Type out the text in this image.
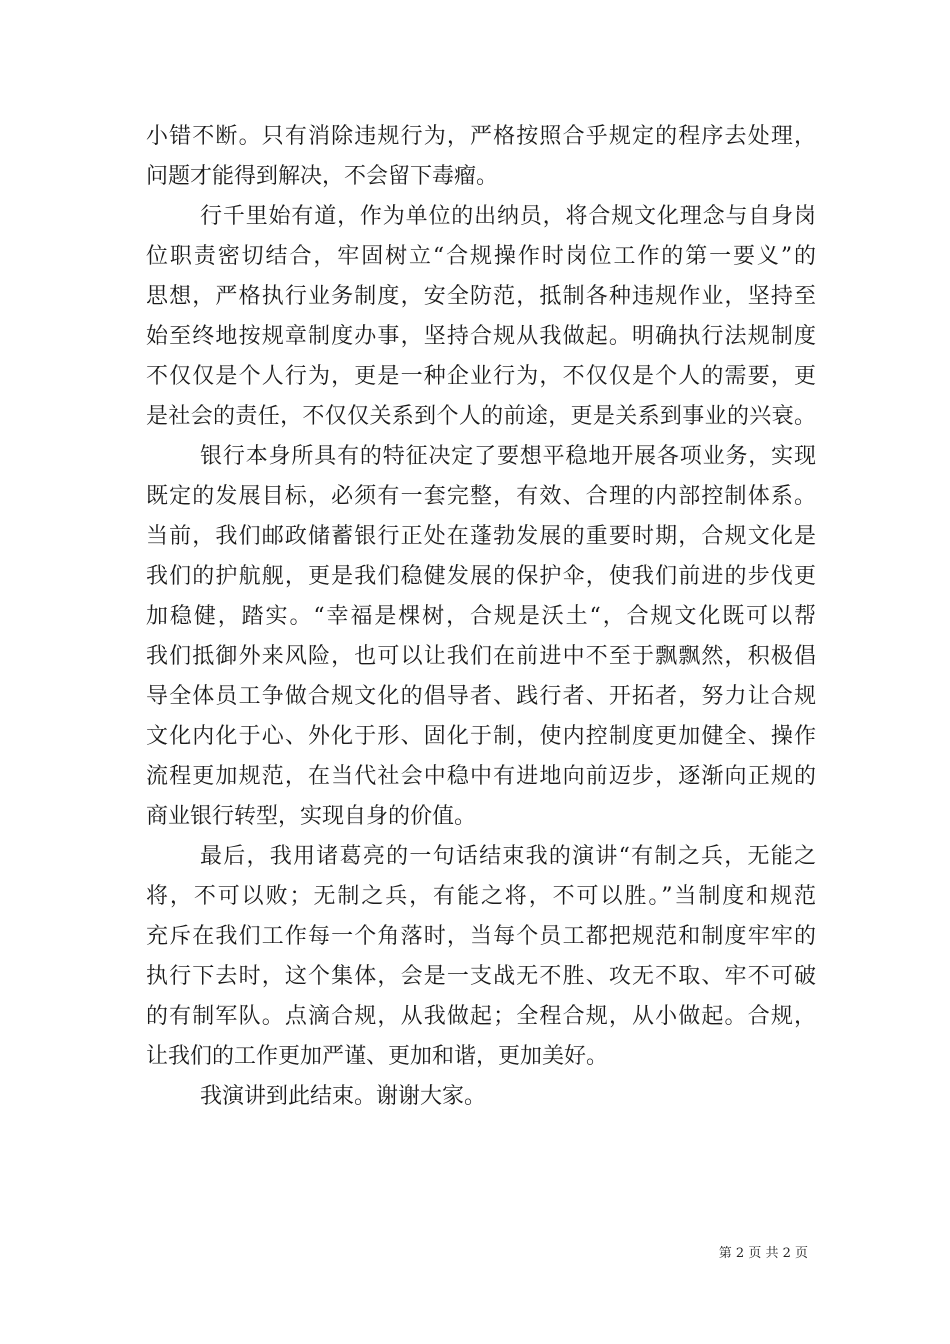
小错不断。只有消除违规行为，严格按照合乎规定的程序去处理，
问题才能得到解决，不会留下毒瘤。
行千里始有道，作为单位的出纳员，将合规文化理念与自身岗
位职责密切结合，牢固树立“合规操作时岗位工作的第一要义”的
思想，严格执行业务制度，安全防范，抵制各种违规作业，坚持至
始至终地按规章制度办事，坚持合规从我做起。明确执行法规制度
不仅仅是个人行为，更是一种企业行为，不仅仅是个人的需要，更
是社会的责任，不仅仅关系到个人的前途，更是关系到事业的兴衰。
银行本身所具有的特征决定了要想平稳地开展各项业务，实现
既定的发展目标，必须有一套完整，有效、合理的内部控制体系。
当前，我们邮政储蓄银行正处在蓬勃发展的重要时期，合规文化是
我们的护航舰，更是我们稳健发展的保护伞，使我们前进的步伐更
加稳健，踏实。“幸福是棵树，合规是沃土“，合规文化既可以帮
我们抵御外来风险，也可以让我们在前进中不至于飘飘然，积极倡
导全体员工争做合规文化的倡导者、践行者、开拓者，努力让合规
文化内化于心、外化于形、固化于制，使内控制度更加健全、操作
流程更加规范，在当代社会中稳中有进地向前迈步，逐渐向正规的
商业银行转型，实现自身的价值。
最后，我用诸葛亮的一句话结束我的演讲“有制之兵，无能之
将，不可以败；无制之兵，有能之将，不可以胜。”当制度和规范
充斥在我们工作每一个角落时，当每个员工都把规范和制度牢牢的
执行下去时，这个集体，会是一支战无不胜、攻无不取、牢不可破
的有制军队。点滴合规，从我做起；全程合规，从小做起。合规，
让我们的工作更加严谨、更加和谐，更加美好。
我演讲到此结束。谢谢大家。
第 2 页 共 2 页
